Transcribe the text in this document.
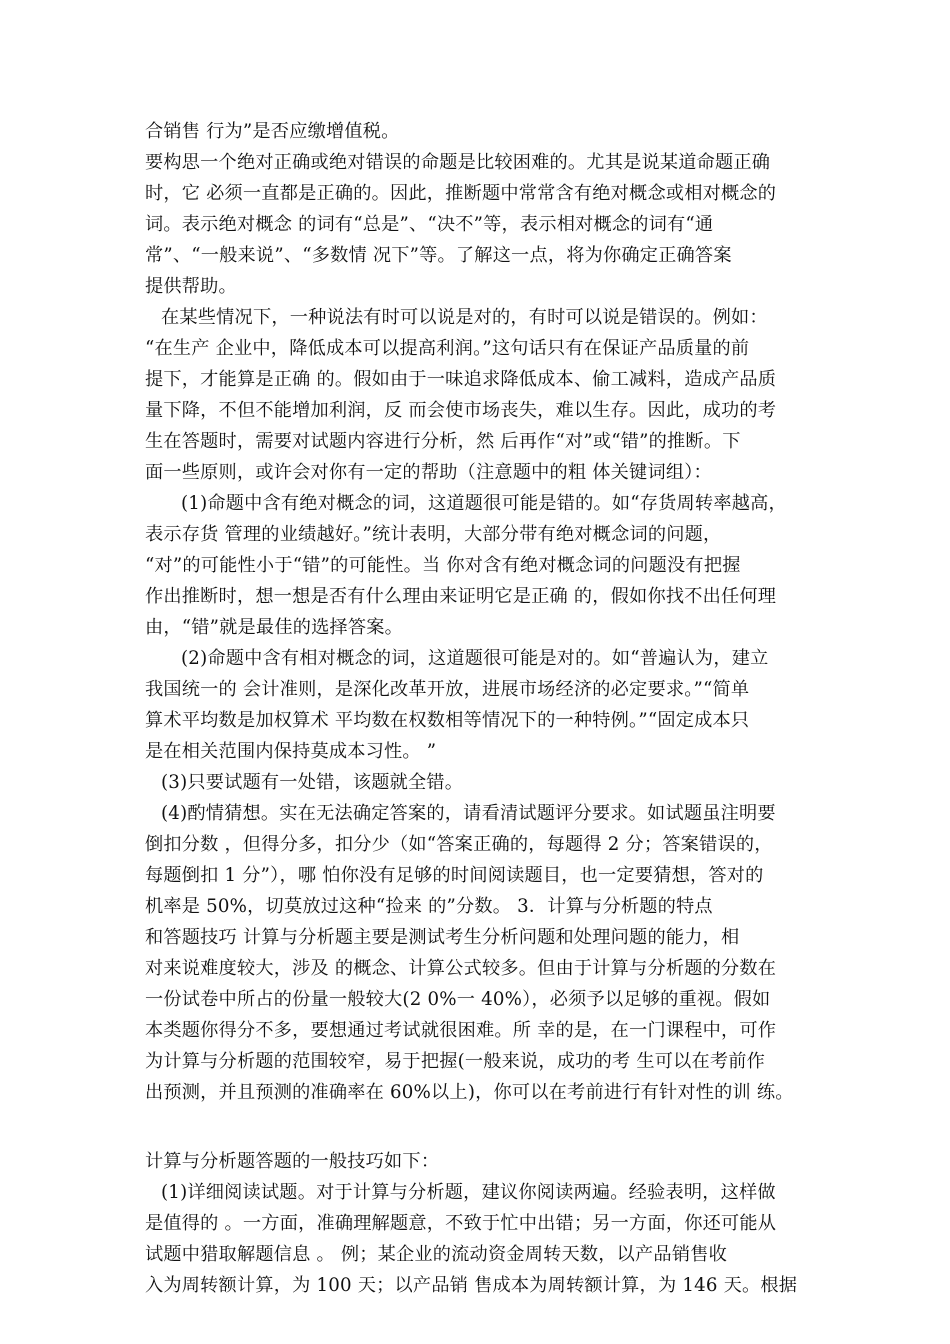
合销售 行为”是否应缴增值税。
要构思一个绝对正确或绝对错误的命题是比较困难的。尤其是说某道命题正确
时，它 必须一直都是正确的。因此，推断题中常常含有绝对概念或相对概念的
词。表示绝对概念 的词有“总是”、“决不”等，表示相对概念的词有“通
常”、“一般来说”、“多数情 况下”等。了解这一点，将为你确定正确答案
提供帮助。
在某些情况下，一种说法有时可以说是对的，有时可以说是错误的。例如：
“在生产 企业中，降低成本可以提高利润。”这句话只有在保证产品质量的前
提下，才能算是正确 的。假如由于一味追求降低成本、偷工减料，造成产品质
量下降，不但不能增加利润，反 而会使市场丧失，难以生存。因此，成功的考
生在答题时，需要对试题内容进行分析，然 后再作“对”或“错”的推断。下
面一些原则，或许会对你有一定的帮助（注意题中的粗 体关键词组）：
(1)命题中含有绝对概念的词，这道题很可能是错的。如“存货周转率越高，
表示存货 管理的业绩越好。”统计表明，大部分带有绝对概念词的问题，
“对”的可能性小于“错”的可能性。当 你对含有绝对概念词的问题没有把握
作出推断时，想一想是否有什么理由来证明它是正确 的，假如你找不出任何理
由，“错”就是最佳的选择答案。
(2)命题中含有相对概念的词，这道题很可能是对的。如“普遍认为，建立
我国统一的 会计准则，是深化改革开放，进展市场经济的必定要求。”“简单
算术平均数是加权算术 平均数在权数相等情况下的一种特例。”“固定成本只
是在相关范围内保持莫成本习性。 ”
(3)只要试题有一处错，该题就全错。
(4)酌情猜想。实在无法确定答案的，请看清试题评分要求。如试题虽注明要
倒扣分数 ，但得分多，扣分少（如“答案正确的，每题得 2 分；答案错误的，
每题倒扣 1 分”），哪 怕你没有足够的时间阅读题目，也一定要猜想，答对的
机率是 50%，切莫放过这种“捡来 的”分数。 3．计算与分析题的特点
和答题技巧 计算与分析题主要是测试考生分析问题和处理问题的能力，相
对来说难度较大，涉及 的概念、计算公式较多。但由于计算与分析题的分数在
一份试卷中所占的份量一般较大(2 0%一 40%），必须予以足够的重视。假如
本类题你得分不多，要想通过考试就很困难。所 幸的是，在一门课程中，可作
为计算与分析题的范围较窄，易于把握(一般来说，成功的考 生可以在考前作
出预测，并且预测的准确率在 60%以上)，你可以在考前进行有针对性的训 练。
计算与分析题答题的一般技巧如下：
(1)详细阅读试题。对于计算与分析题，建议你阅读两遍。经验表明，这样做
是值得的 。一方面，准确理解题意，不致于忙中出错；另一方面，你还可能从
试题中猎取解题信息 。 例；某企业的流动资金周转天数，以产品销售收
入为周转额计算，为 100 天；以产品销 售成本为周转额计算，为 146 天。根据
